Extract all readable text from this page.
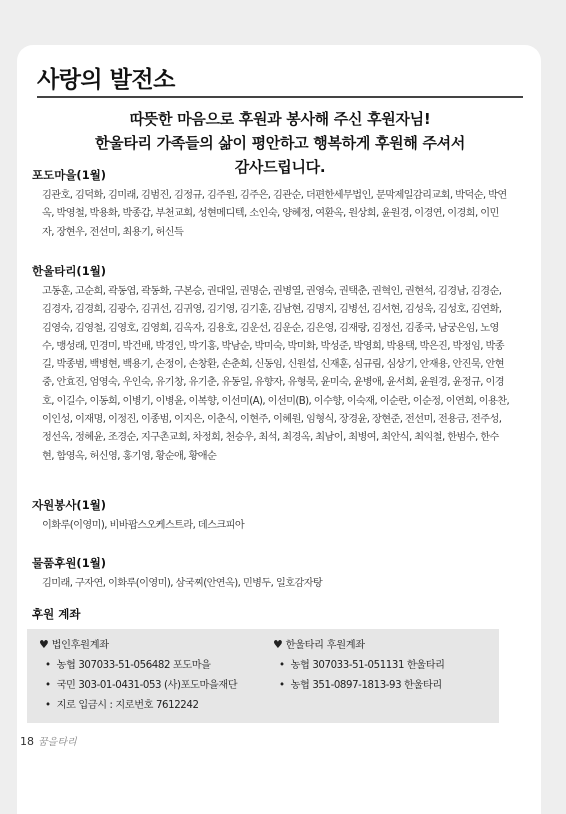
사랑의 발전소
따뜻한 마음으로 후원과 봉사해 주신 후원자님!
한울타리 가족들의 삶이 평안하고 행복하게 후원해 주셔서
감사드립니다.

포도마을(1월)

김관호, 김덕화, 김미래, 김범진, 김정규, 김주원, 김주은, 김관순, 더편한세무법인, 문막제일감리교회, 박덕순, 박연옥, 박영철, 박용화, 박종갑, 부천교회, 성현메디텍, 소인숙, 양혜정, 여환옥, 원상희, 윤원경, 이경연, 이경희, 이민자, 장현우, 전선미, 최용기, 허신득

한울타리(1월)

고동훈, 고순희, 곽동엽, 곽동화, 구본승, 권대일, 권명순, 권병열, 권영숙, 권택춘, 권혁인, 권현석, 김경남, 김경순, 김경자, 김경희, 김광수, 김귀선, 김귀영, 김기영, 김기훈, 김남현, 김명지, 김병선, 김서현, 김성욱, 김성호, 김연화, 김영숙, 김영철, 김영호, 김영희, 김옥자, 김용호, 김운선, 김운순, 김은영, 김재랑, 김정선, 김종국, 남궁은임, 노영수, 맹성래, 민경미, 박건배, 박경인, 박기홍, 박남순, 박미숙, 박미화, 박성준, 박영희, 박용택, 박은진, 박정임, 박종길, 박종범, 백병현, 백용기, 손정이, 손창환, 손춘희, 신동임, 신원섭, 신재훈, 심규림, 심상기, 안재용, 안진묵, 안현중, 안효진, 엄영숙, 우인숙, 유기창, 유기춘, 유동일, 유향자, 유형묵, 윤미숙, 윤병애, 윤서희, 윤원경, 윤정규, 이경호, 이길수, 이동희, 이병기, 이병윤, 이복향, 이선미(A), 이선미(B), 이수향, 이숙재, 이순란, 이순정, 이연희, 이용찬, 이인성, 이재명, 이정진, 이종범, 이지은, 이춘식, 이현주, 이혜원, 임형식, 장경윤, 장현준, 전선미, 전용금, 전주성, 정선옥, 정혜윤, 조경순, 지구촌교회, 차정희, 천승우, 최석, 최경옥, 최남이, 최병여, 최안식, 최익철, 한범수, 한수현, 함영옥, 허신영, 홍기영, 황순애, 황애순

자원봉사(1월)

이화루(이영미), 비바팝스오케스트라, 데스크피아

물품후원(1월)

김미래, 구자연, 이화루(이영미), 삼국찌(안연옥), 민병두, 일호감자탕

후원 계좌

♥ 법인후원계좌
• 농협 307033-51-056482 포도마을
• 국민 303-01-0431-053 (사)포도마을재단
• 지로 입금시 : 지로번호 7612242
♥ 한울타리 후원계좌
• 농협 307033-51-051131 한울타리
• 농협 351-0897-1813-93 한울타리
18 꿈을타리
